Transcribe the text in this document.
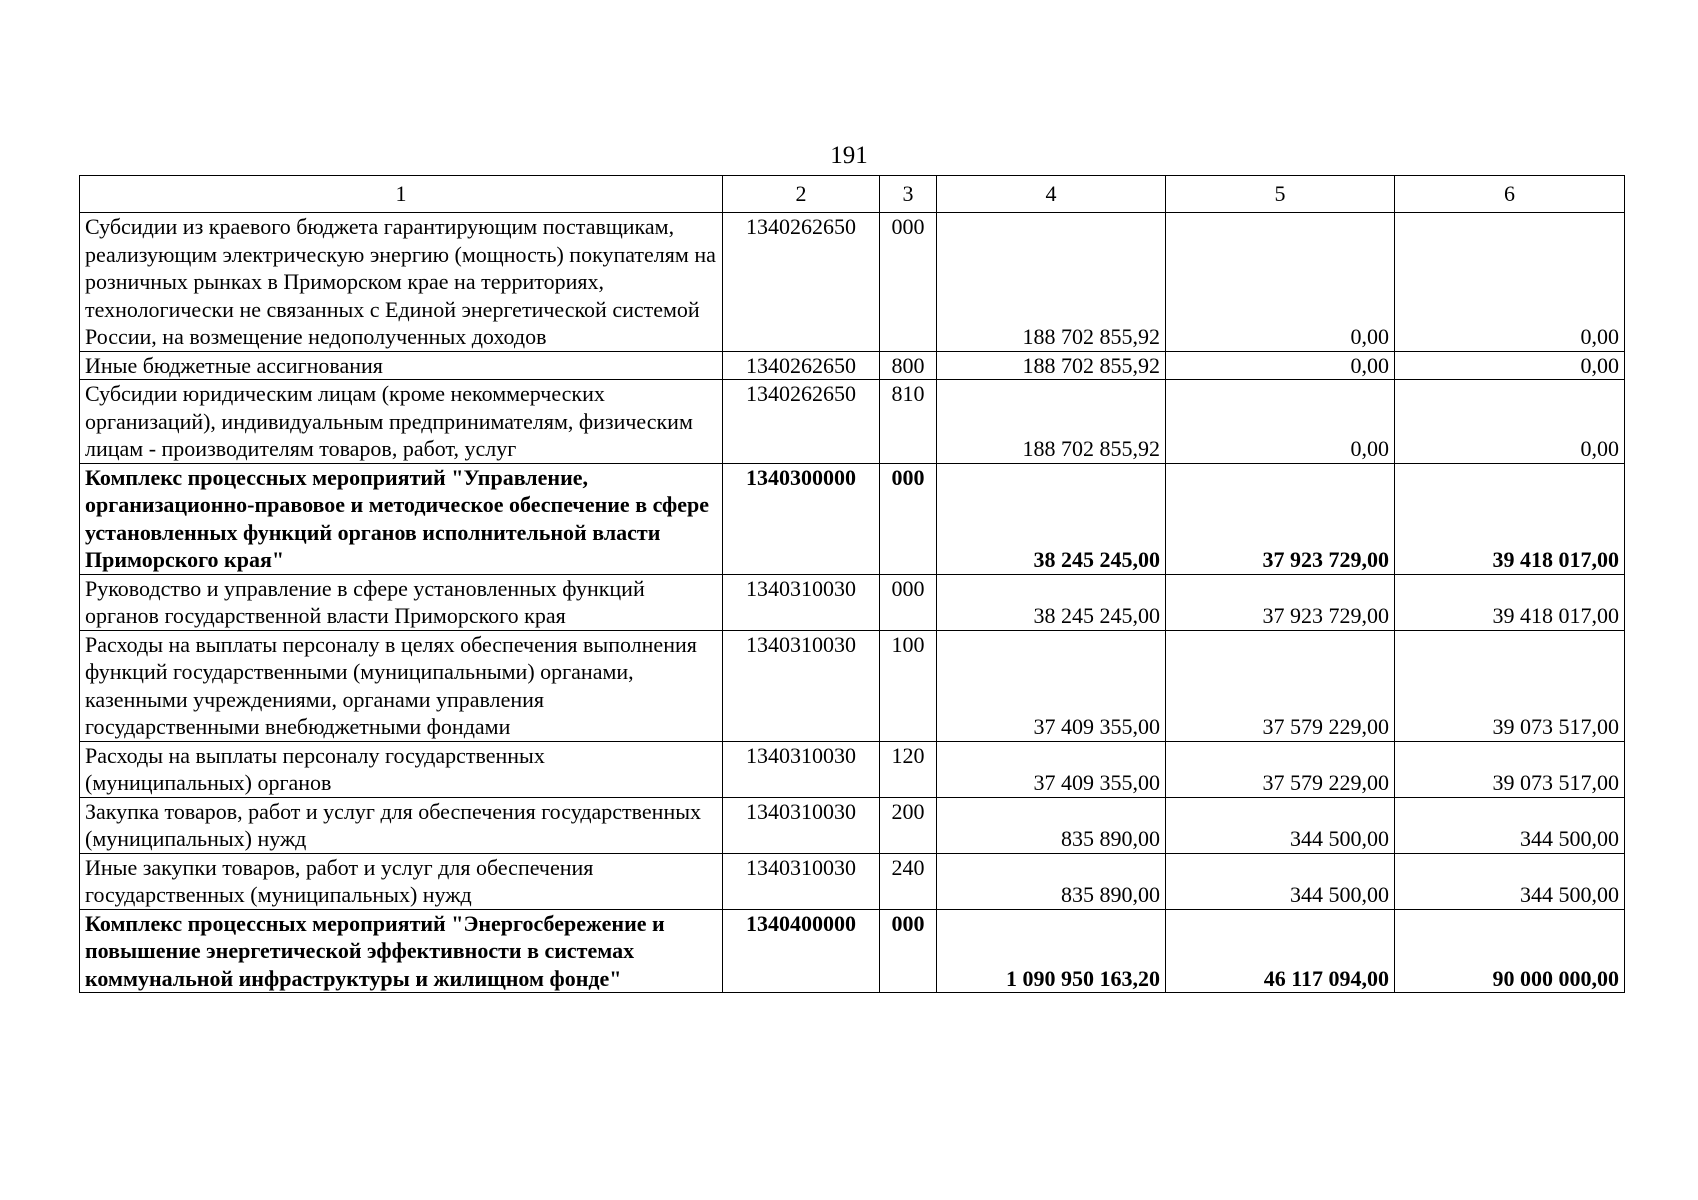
191
1	2	3	4	5	6
Субсидии из краевого бюджета гарантирующим поставщикам, реализующим электрическую энергию (мощность) покупателям на розничных рынках в Приморском крае на территориях, технологически не связанных с Единой энергетической системой России, на возмещение недополученных доходов	1340262650	000	188 702 855,92	0,00	0,00
Иные бюджетные ассигнования	1340262650	800	188 702 855,92	0,00	0,00
Субсидии юридическим лицам (кроме некоммерческих организаций), индивидуальным предпринимателям, физическим лицам - производителям товаров, работ, услуг	1340262650	810	188 702 855,92	0,00	0,00
Комплекс процессных мероприятий "Управление, организационно-правовое и методическое обеспечение в сфере установленных функций органов исполнительной власти Приморского края"	1340300000	000	38 245 245,00	37 923 729,00	39 418 017,00
Руководство и управление в сфере установленных функций органов государственной власти Приморского края	1340310030	000	38 245 245,00	37 923 729,00	39 418 017,00
Расходы на выплаты персоналу в целях обеспечения выполнения функций государственными (муниципальными) органами, казенными учреждениями, органами управления государственными внебюджетными фондами	1340310030	100	37 409 355,00	37 579 229,00	39 073 517,00
Расходы на выплаты персоналу государственных (муниципальных) органов	1340310030	120	37 409 355,00	37 579 229,00	39 073 517,00
Закупка товаров, работ и услуг для обеспечения государственных (муниципальных) нужд	1340310030	200	835 890,00	344 500,00	344 500,00
Иные закупки товаров, работ и услуг для обеспечения государственных (муниципальных) нужд	1340310030	240	835 890,00	344 500,00	344 500,00
Комплекс процессных мероприятий "Энергосбережение и повышение энергетической эффективности в системах коммунальной инфраструктуры и жилищном фонде"	1340400000	000	1 090 950 163,20	46 117 094,00	90 000 000,00
